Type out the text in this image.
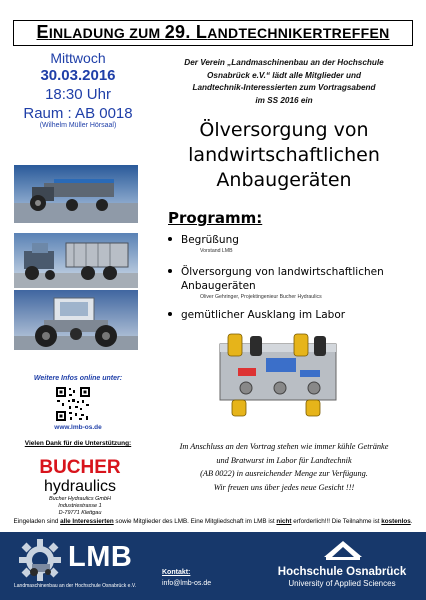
EINLADUNG ZUM 29. LANDTECHNIKERTREFFEN
Mittwoch
30.03.2016
18:30 Uhr
Raum : AB 0018
(Wilhelm Müller Hörsaal)
Weitere Infos online unter:
www.lmb-os.de
Vielen Dank für die Unterstützung:
BUCHER
hydraulics
Bucher Hydraulics GmbH
Industriestrasse 1
D-79771 Klettgau
Der Verein „Landmaschinenbau an der Hochschule
Osnabrück e.V.“ lädt alle Mitglieder und
Landtechnik-Interessierten zum Vortragsabend
im SS 2016 ein
Ölversorgung von
landwirtschaftlichen
Anbaugeräten
Programm:
Begrüßung
Vorstand LMB
Ölversorgung von landwirtschaftlichen
Anbaugeräten
Oliver Gehringer, Projektingenieur Bucher Hydraulics
gemütlicher Ausklang im Labor
Im Anschluss an den Vortrag stehen wie immer kühle Getränke
und Bratwurst im Labor für Landtechnik
(AB 0022) in ausreichender Menge zur Verfügung.
Wir freuen uns über jedes neue Gesicht !!!
Eingeladen sind alle Interessierten sowie Mitglieder des LMB. Eine Mitgliedschaft im LMB ist nicht erforderlich!!! Die Teilnahme ist kostenlos.
LMB
Landmaschinenbau an der Hochschule Osnabrück e.V.
Kontakt:
info@lmb-os.de
Hochschule Osnabrück
University of Applied Sciences
